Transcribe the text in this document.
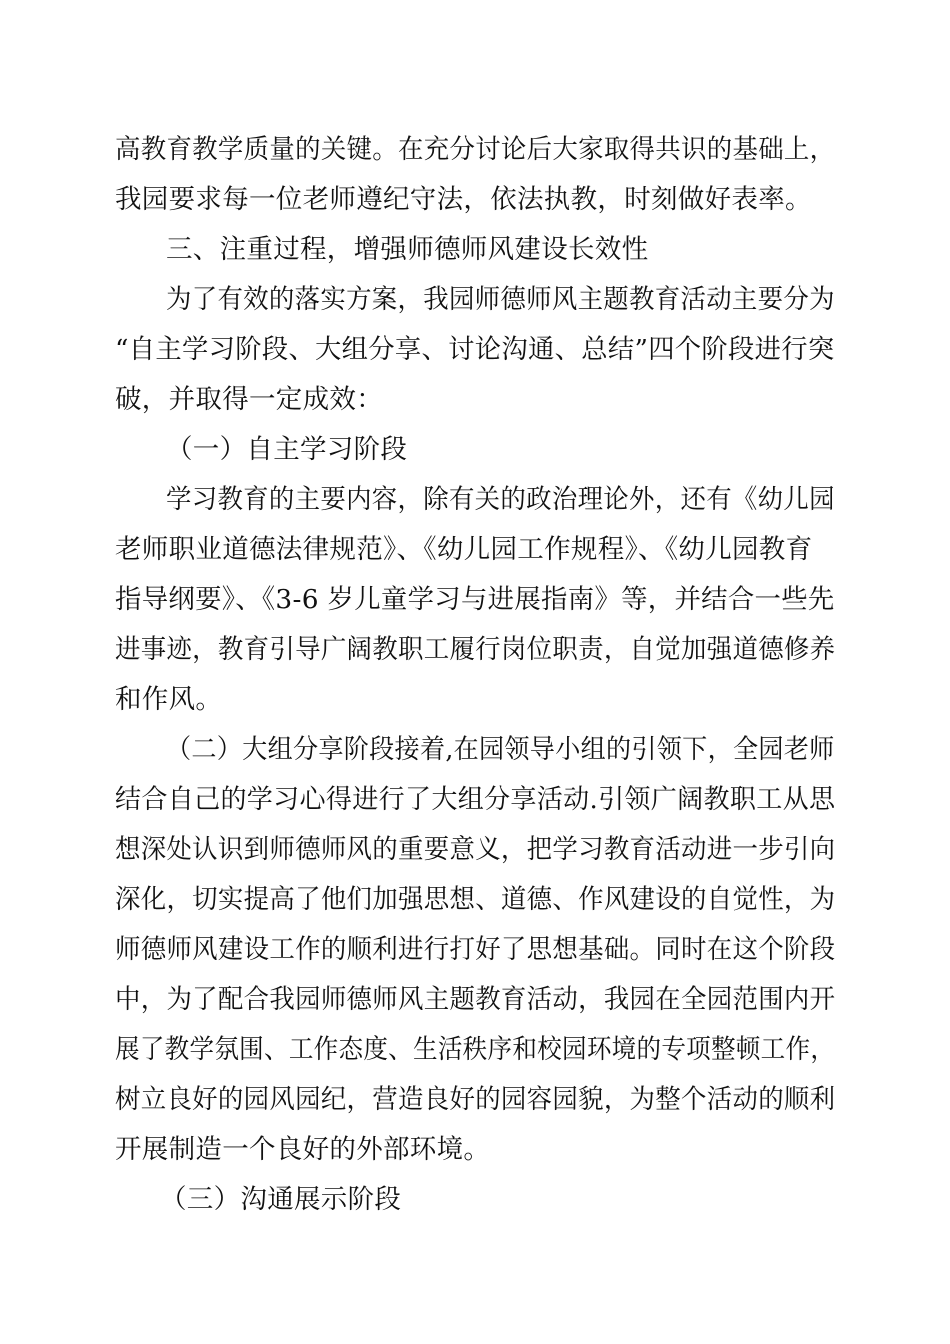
高教育教学质量的关键。在充分讨论后大家取得共识的基础上，
我园要求每一位老师遵纪守法，依法执教，时刻做好表率。
三、注重过程，增强师德师风建设长效性
为了有效的落实方案，我园师德师风主题教育活动主要分为
“自主学习阶段、大组分享、讨论沟通、总结”四个阶段进行突
破，并取得一定成效：
（一）自主学习阶段
学习教育的主要内容，除有关的政治理论外，还有《幼儿园
老师职业道德法律规范》、《幼儿园工作规程》、《幼儿园教育
指导纲要》、《3-6 岁儿童学习与进展指南》等，并结合一些先
进事迹，教育引导广阔教职工履行岗位职责，自觉加强道德修养
和作风。
（二）大组分享阶段接着,在园领导小组的引领下，全园老师
结合自己的学习心得进行了大组分享活动.引领广阔教职工从思
想深处认识到师德师风的重要意义，把学习教育活动进一步引向
深化，切实提高了他们加强思想、道德、作风建设的自觉性，为
师德师风建设工作的顺利进行打好了思想基础。同时在这个阶段
中，为了配合我园师德师风主题教育活动，我园在全园范围内开
展了教学氛围、工作态度、生活秩序和校园环境的专项整顿工作，
树立良好的园风园纪，营造良好的园容园貌，为整个活动的顺利
开展制造一个良好的外部环境。
（三）沟通展示阶段
